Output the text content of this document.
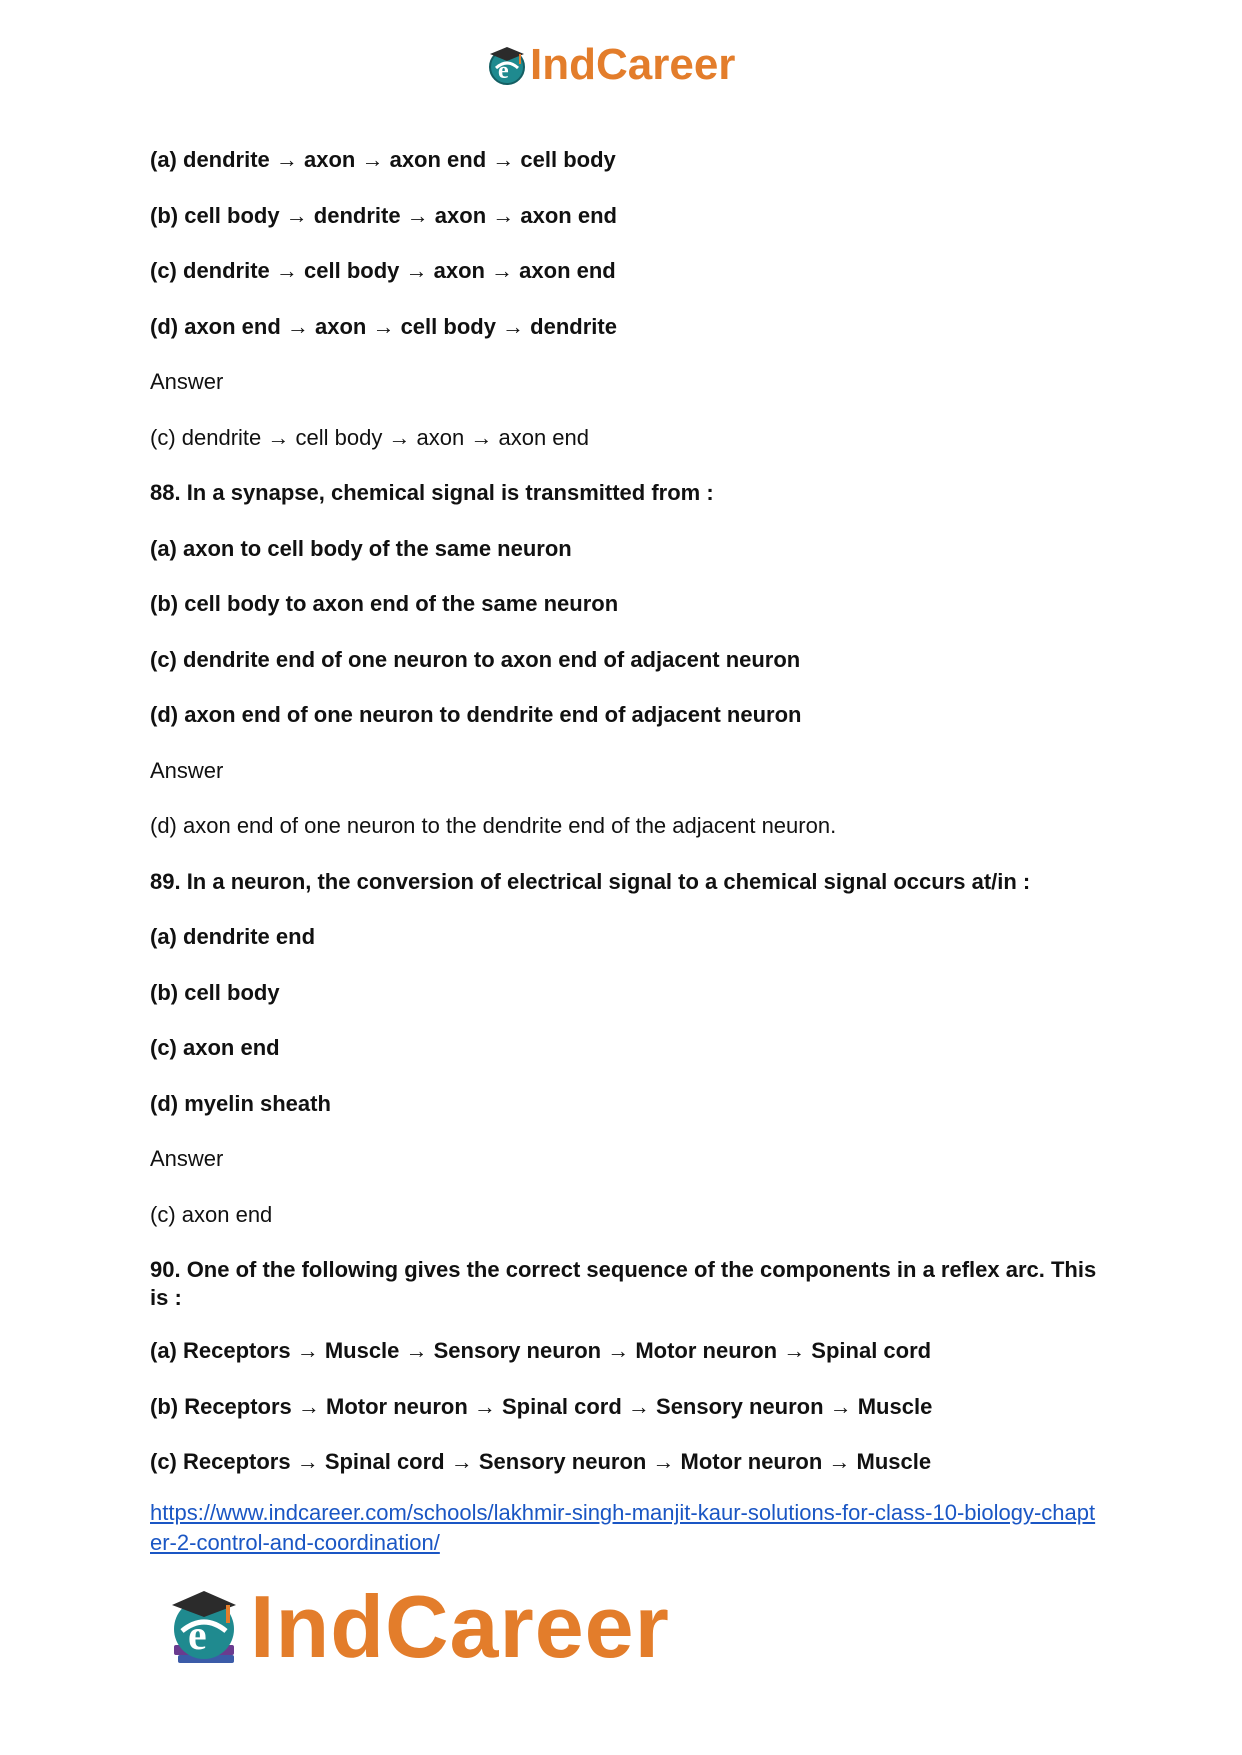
e IndCareer

(a) dendrite → axon → axon end → cell body

(b) cell body → dendrite → axon → axon end

(c) dendrite → cell body → axon → axon end

(d) axon end → axon → cell body → dendrite

Answer

(c) dendrite → cell body → axon → axon end

88. In a synapse, chemical signal is transmitted from :

(a) axon to cell body of the same neuron

(b) cell body to axon end of the same neuron

(c) dendrite end of one neuron to axon end of adjacent neuron

(d) axon end of one neuron to dendrite end of adjacent neuron

Answer

(d) axon end of one neuron to the dendrite end of the adjacent neuron.

89. In a neuron, the conversion of electrical signal to a chemical signal occurs at/in :

(a) dendrite end

(b) cell body

(c) axon end

(d) myelin sheath

Answer

(c) axon end

90. One of the following gives the correct sequence of the components in a reflex arc. This is :

(a) Receptors → Muscle → Sensory neuron → Motor neuron → Spinal cord

(b) Receptors → Motor neuron → Spinal cord → Sensory neuron → Muscle

(c) Receptors → Spinal cord → Sensory neuron → Motor neuron → Muscle

https://www.indcareer.com/schools/lakhmir-singh-manjit-kaur-solutions-for-class-10-biology-chapter-2-control-and-coordination/
e IndCareer
